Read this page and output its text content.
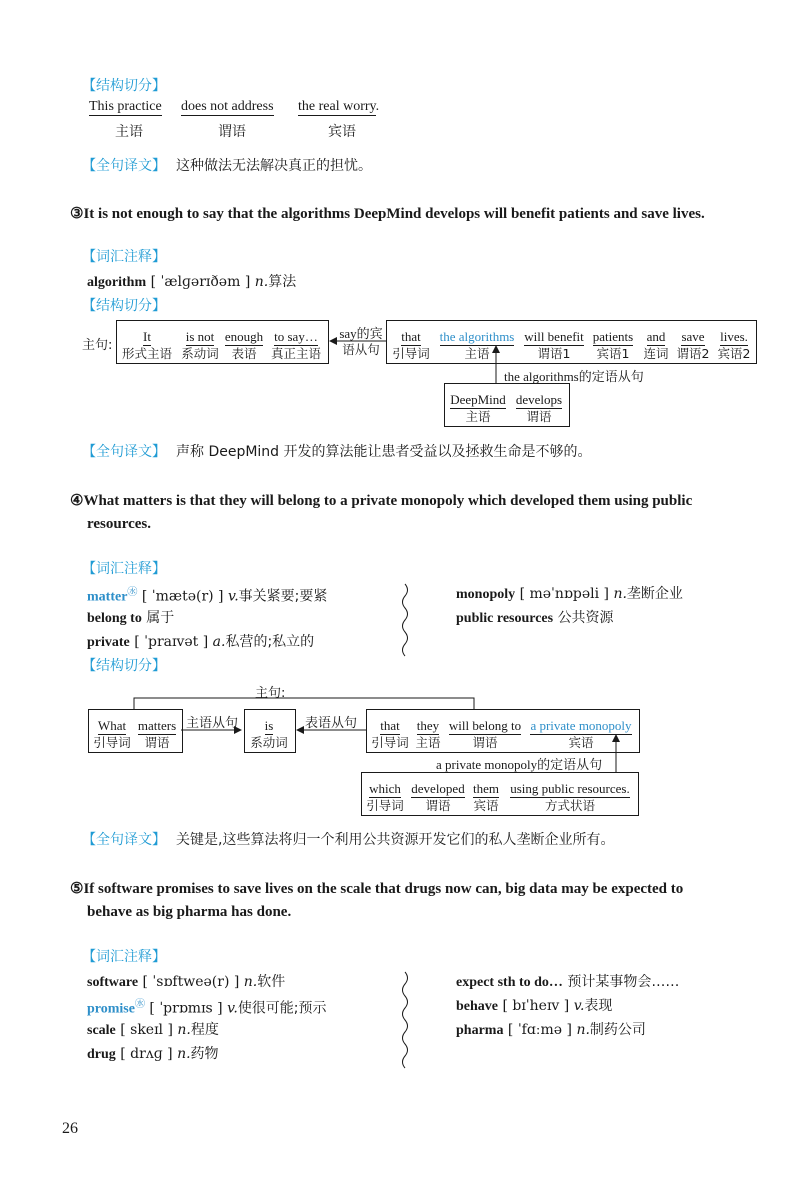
【结构切分】
This practice
主语
does not address
谓语
the real worry.
宾语
【全句译文】 这种做法无法解决真正的担忧。
③It is not enough to say that the algorithms DeepMind develops will benefit patients and save lives.
【词汇注释】
algorithm [ ˈælɡərɪðəm ] n.算法
【结构切分】
主句:
It
形式主语
is not
系动词
enough
表语
to say…
真正主语
say的宾
语从句
that
引导词
the algorithms
主语
will benefit
谓语1
patients
宾语1
and
连词
save
谓语2
lives.
宾语2
the algorithms的定语从句
DeepMind
主语
develops
谓语
【全句译文】 声称 DeepMind 开发的算法能让患者受益以及拯救生命是不够的。
④What matters is that they will belong to a private monopoly which developed them using public
resources.
【词汇注释】
matter㊌ [ ˈmætə(r) ] v.事关紧要;要紧
belong to 属于
private [ ˈpraɪvət ] a.私营的;私立的
monopoly [ məˈnɒpəli ] n.垄断企业
public resources 公共资源
【结构切分】
主句:
What
引导词
matters
谓语
主语从句	is
系动词
表语从句	that
引导词
they
主语
will belong to
谓语
a private monopoly
宾语
a private monopoly的定语从句
which
引导词
developed
谓语
them
宾语
using public resources.
方式状语
【全句译文】 关键是,这些算法将归一个利用公共资源开发它们的私人垄断企业所有。
⑤If software promises to save lives on the scale that drugs now can, big data may be expected to
behave as big pharma has done.
【词汇注释】
software [ ˈsɒftweə(r) ] n.软件
promise㊌ [ ˈprɒmɪs ] v.使很可能;预示
scale [ skeɪl ] n.程度
drug [ drʌɡ ] n.药物
expect sth to do… 预计某事物会……
behave [ bɪˈheɪv ] v.表现
pharma [ ˈfɑːmə ] n.制药公司
26
